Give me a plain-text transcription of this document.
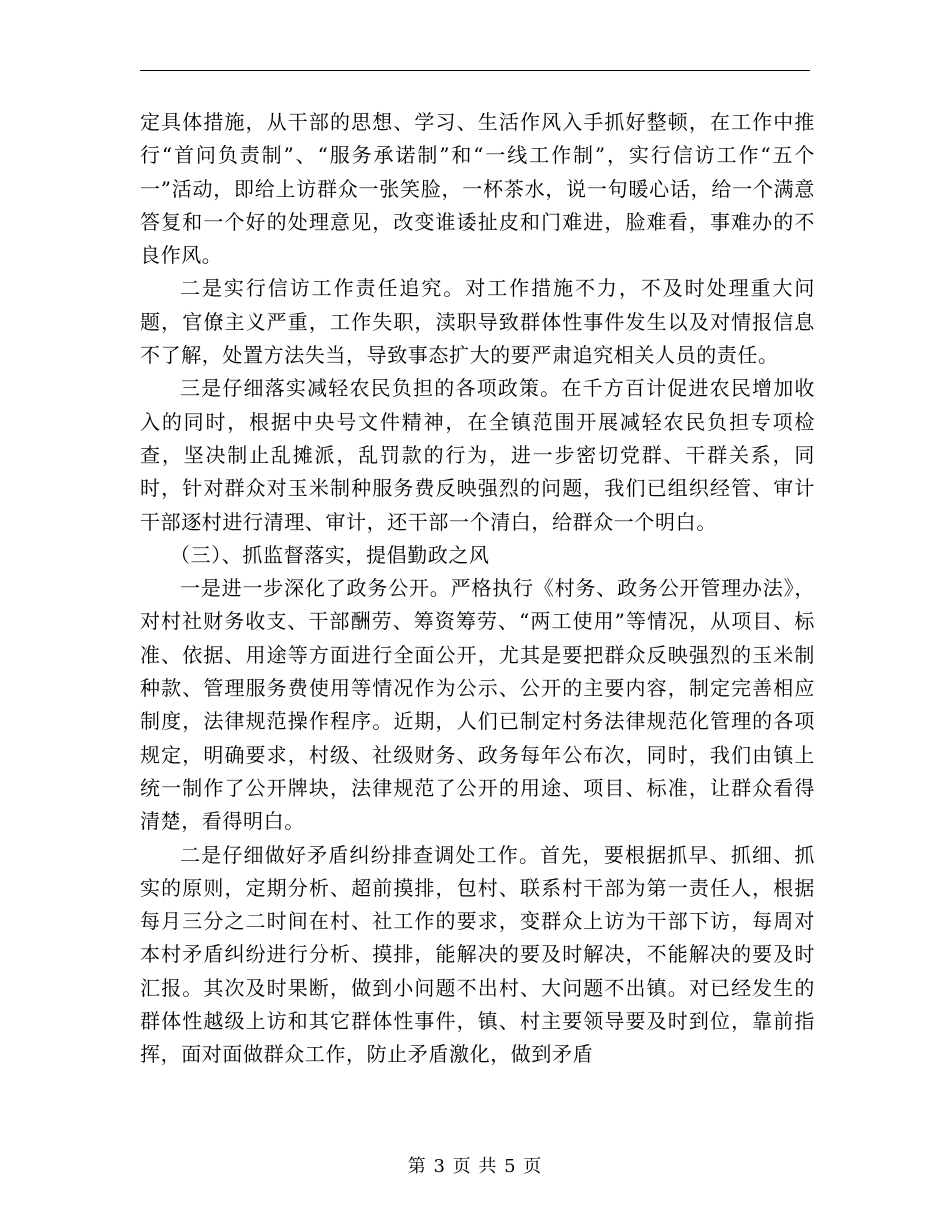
定具体措施，从干部的思想、学习、生活作风入手抓好整顿，在工作中推行“首问负责制”、“服务承诺制”和“一线工作制”，实行信访工作“五个一”活动，即给上访群众一张笑脸，一杯茶水，说一句暖心话，给一个满意答复和一个好的处理意见，改变谁诿扯皮和门难进，脸难看，事难办的不良作风。

二是实行信访工作责任追究。对工作措施不力，不及时处理重大问题，官僚主义严重，工作失职，渎职导致群体性事件发生以及对情报信息不了解，处置方法失当，导致事态扩大的要严肃追究相关人员的责任。

三是仔细落实减轻农民负担的各项政策。在千方百计促进农民增加收入的同时，根据中央号文件精神，在全镇范围开展减轻农民负担专项检查，坚决制止乱摊派，乱罚款的行为，进一步密切党群、干群关系，同时，针对群众对玉米制种服务费反映强烈的问题，我们已组织经管、审计干部逐村进行清理、审计，还干部一个清白，给群众一个明白。

（三）、抓监督落实，提倡勤政之风

一是进一步深化了政务公开。严格执行《村务、政务公开管理办法》，对村社财务收支、干部酬劳、筹资筹劳、“两工使用”等情况，从项目、标准、依据、用途等方面进行全面公开，尤其是要把群众反映强烈的玉米制种款、管理服务费使用等情况作为公示、公开的主要内容，制定完善相应制度，法律规范操作程序。近期，人们已制定村务法律规范化管理的各项规定，明确要求，村级、社级财务、政务每年公布次，同时，我们由镇上统一制作了公开牌块，法律规范了公开的用途、项目、标准，让群众看得清楚，看得明白。

二是仔细做好矛盾纠纷排查调处工作。首先，要根据抓早、抓细、抓实的原则，定期分析、超前摸排，包村、联系村干部为第一责任人，根据每月三分之二时间在村、社工作的要求，变群众上访为干部下访，每周对本村矛盾纠纷进行分析、摸排，能解决的要及时解决，不能解决的要及时汇报。其次及时果断，做到小问题不出村、大问题不出镇。对已经发生的群体性越级上访和其它群体性事件，镇、村主要领导要及时到位，靠前指挥，面对面做群众工作，防止矛盾激化，做到矛盾

第 3 页 共 5 页
